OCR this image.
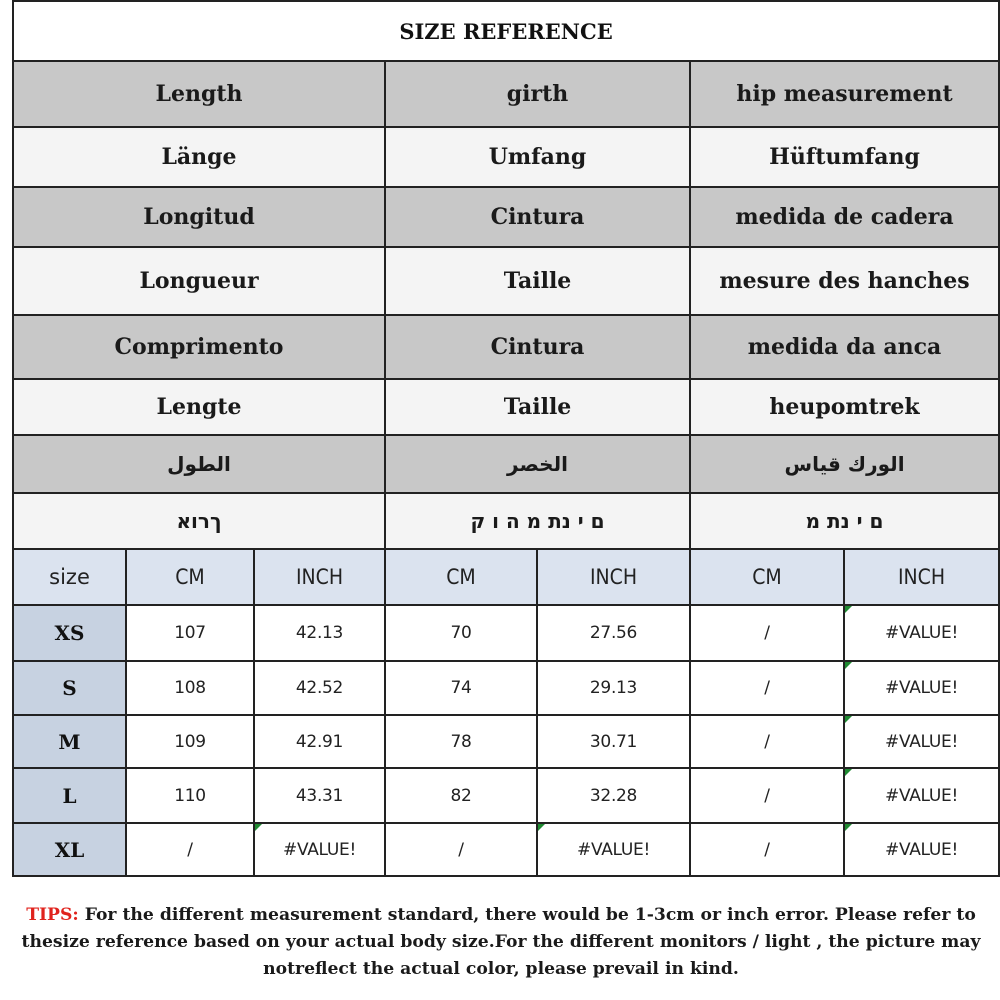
SIZE REFERENCE						
Length			girth		hip measurement	
Länge			Umfang		Hüftumfang	
Longitud			Cintura		medida de cadera	
Longueur			Taille		mesure des hanches	
Comprimento			Cintura		medida da anca	
Lengte			Taille		heupomtrek	
الطول			الخصر		الورك قياس	
ךרוא			ם י נת מ ה ו ק		ם י נת מ	
size	CM	INCH	CM	INCH	CM	INCH
XS	107	42.13	70	27.56	/	#VALUE!

S	108	42.52	74	29.13	/	#VALUE!

M	109	42.91	78	30.71	/	#VALUE!

L	110	43.31	82	32.28	/	#VALUE!

XL	/	#VALUE!	/	#VALUE!	/	#VALUE!
TIPS: For the different measurement standard, there would be 1-3cm or inch error. Please refer to thesize reference based on your actual body size.For the different monitors / light , the picture may notreflect the actual color, please prevail in kind.
